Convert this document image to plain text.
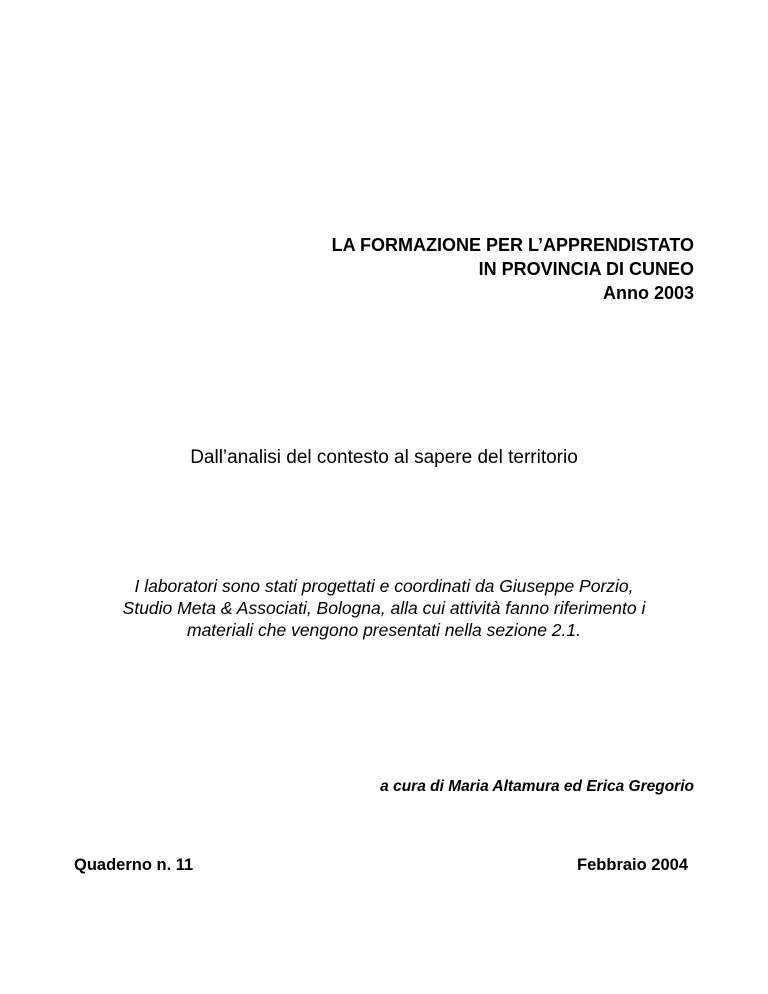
LA FORMAZIONE PER L’APPRENDISTATO
IN PROVINCIA DI CUNEO
Anno 2003
Dall’analisi del contesto al sapere del territorio
I laboratori sono stati progettati e coordinati da Giuseppe Porzio,
Studio Meta & Associati, Bologna, alla cui attività fanno riferimento i
materiali che vengono presentati nella sezione 2.1.
a cura di Maria Altamura ed Erica Gregorio
Quaderno n. 11	Febbraio 2004
